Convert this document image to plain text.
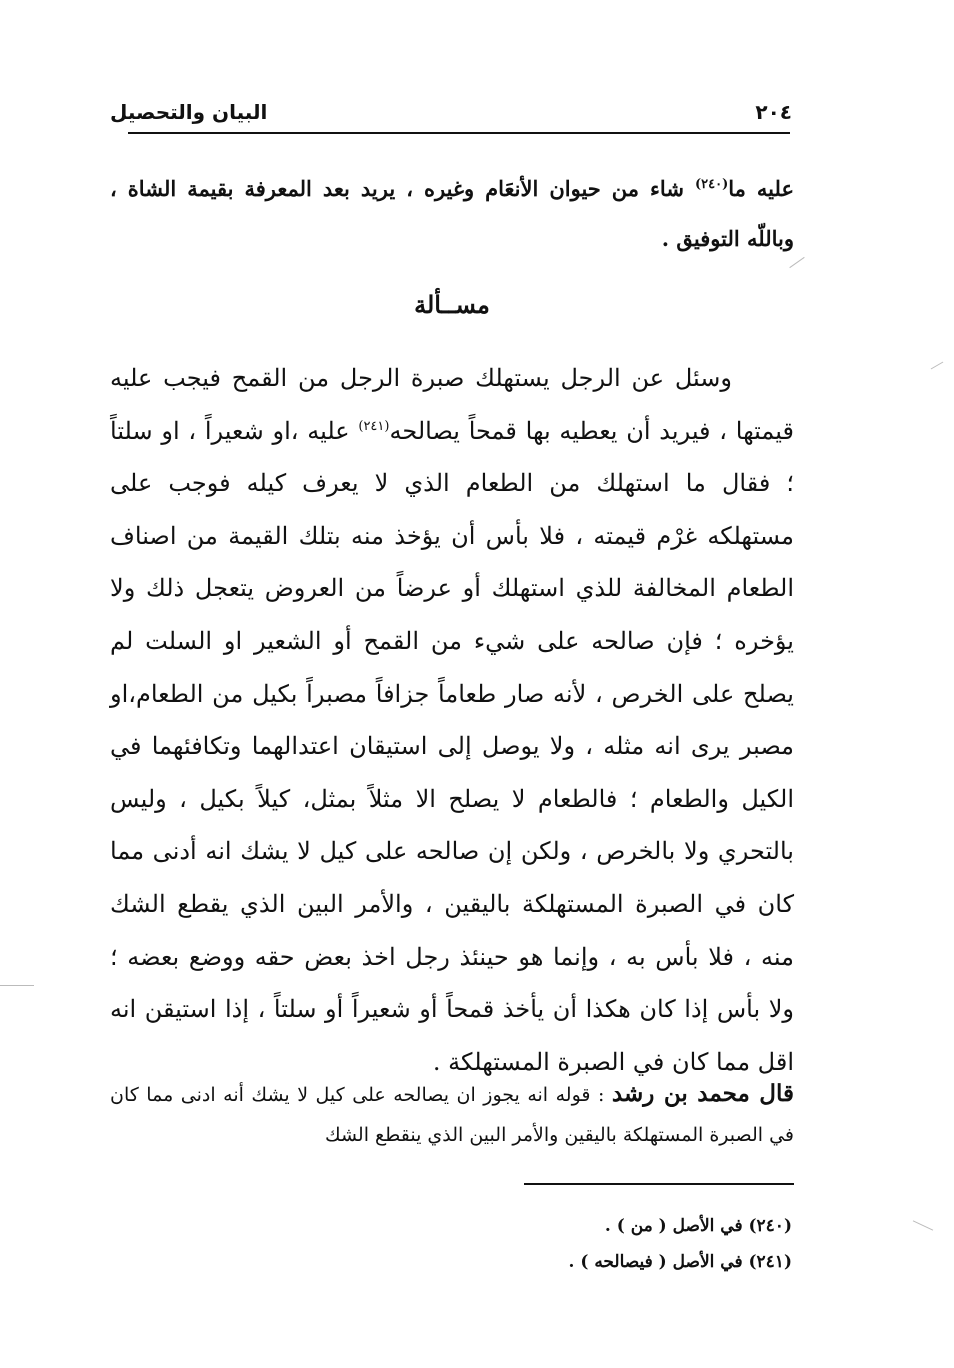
٢٠٤
البيان والتحصيل
عليه ما$^{(٢٤٠)}$ شاء من حيوان الأنعَام وغيره ، يريد بعد المعرفة بقيمة الشاة ، وباللّه التوفيق .
مســألة
وسئل عن الرجل يستهلك صبرة الرجل من القمح فيجب عليه قيمتها ، فيريد أن يعطيه بها قمحاً يصالحه$^{(٢٤١)}$ عليه ،او شعيراً ، او سلتاً ؛ فقال ما استهلك من الطعام الذي لا يعرف كيله فوجب على مستهلكه غرْم قيمته ، فلا بأس أن يؤخذ منه بتلك القيمة من اصناف الطعام المخالفة للذي استهلك أو عرضاً من العروض يتعجل ذلك ولا يؤخره ؛ فإن صالحه على شيء من القمح أو الشعير او السلت لم يصلح على الخرص ، لأنه صار طعاماً جزافاً مصبراً بكيل من الطعام،او مصبر يرى انه مثله ، ولا يوصل إلى استيقان اعتدالهما وتكافئهما في الكيل والطعام ؛ فالطعام لا يصلح الا مثلاً بمثل، كيلاً بكيل ، وليس بالتحري ولا بالخرص ، ولكن إن صالحه على كيل لا يشك انه أدنى مما كان في الصبرة المستهلكة باليقين ، والأمر البين الذي يقطع الشك منه ، فلا بأس به ، وإنما هو حينئذ رجل اخذ بعض حقه ووضع بعضه ؛ ولا بأس إذا كان هكذا أن يأخذ قمحاً أو شعيراً أو سلتاً ، إذا استيقن انه اقل مما كان في الصبرة المستهلكة .
قال محمد بن رشد : قوله انه يجوز ان يصالحه على كيل لا يشك أنه ادنى مما كان في الصبرة المستهلكة باليقين والأمر البين الذي ينقطع الشك
(٢٤٠) في الأصل ( من ) .
(٢٤١) في الأصل ( فيصالحه ) .
